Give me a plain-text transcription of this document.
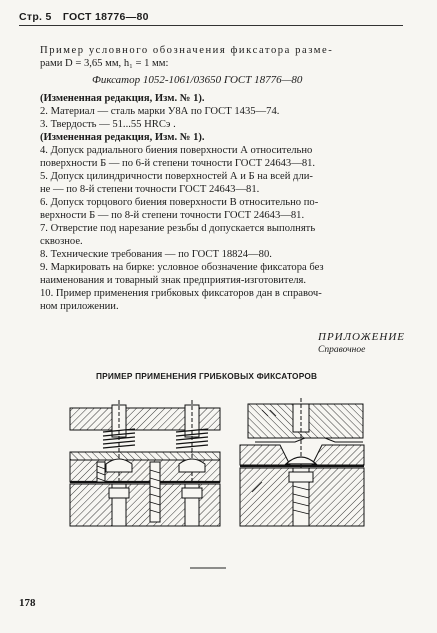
Стр. 5 ГОСТ 18776—80
Пример условного обозначения фиксатора разме-
рами D = 3,65 мм, h₁ = 1 мм:
Фиксатор 1052-1061/03650 ГОСТ 18776—80
(Измененная редакция, Изм. № 1).
2. Материал — сталь марки У8А по ГОСТ 1435—74.
3. Твердость — 51...55 HRCэ .
(Измененная редакция, Изм. № 1).
4. Допуск радиального биения поверхности А относительно
поверхности Б — по 6-й степени точности ГОСТ 24643—81.
5. Допуск цилиндричности поверхностей А и Б на всей дли-
не — по 8-й степени точности ГОСТ 24643—81.
6. Допуск торцового биения поверхности В относительно по-
верхности Б — по 8-й степени точности ГОСТ 24643—81.
7. Отверстие под нарезание резьбы d допускается выполнять
сквозное.
8. Технические требования — по ГОСТ 18824—80.
9. Маркировать на бирке: условное обозначение фиксатора без
наименования и товарный знак предприятия-изготовителя.
10. Пример применения грибковых фиксаторов дан в справоч-
ном приложении.
ПРИЛОЖЕНИЕ
Справочное
ПРИМЕР ПРИМЕНЕНИЯ ГРИБКОВЫХ ФИКСАТОРОВ
178
